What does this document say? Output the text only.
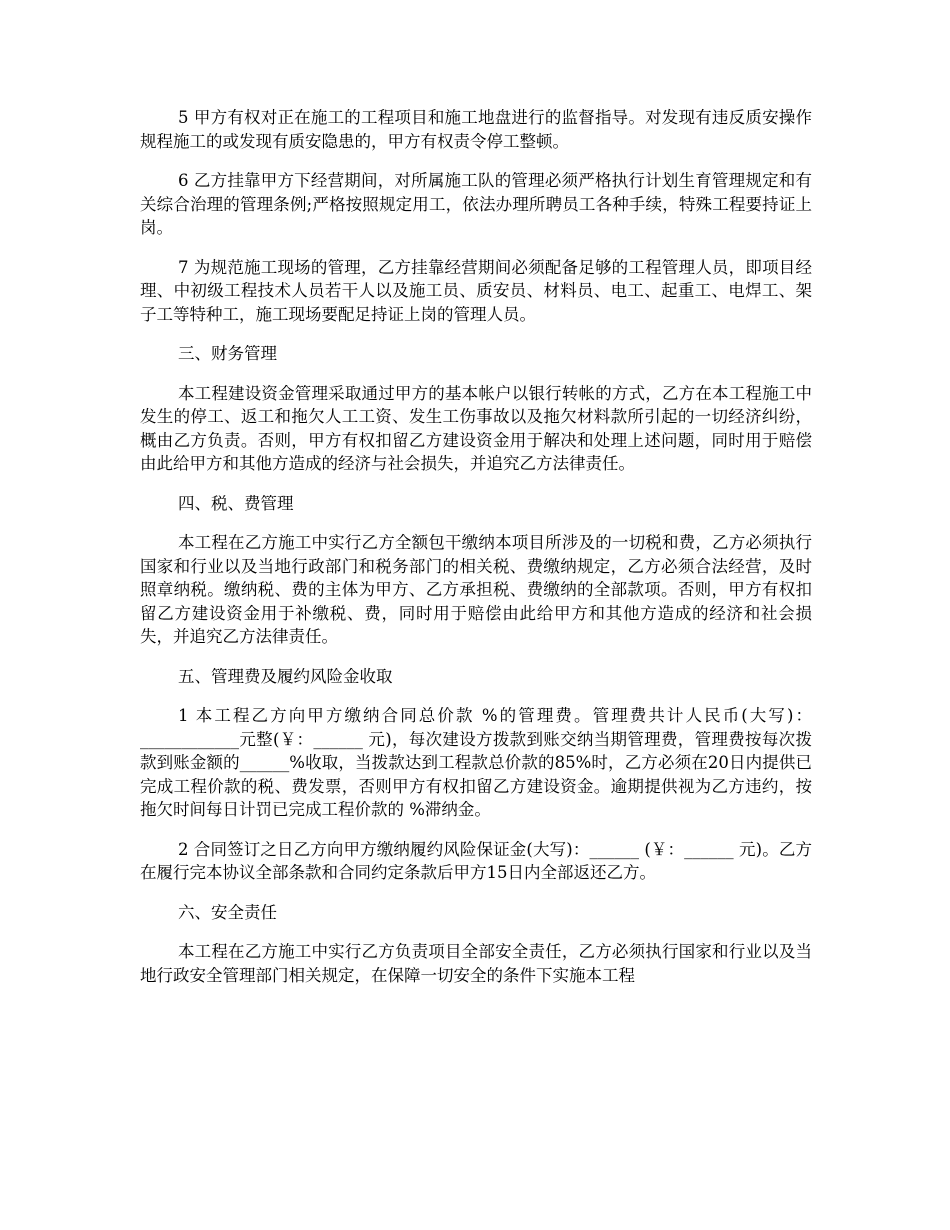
5 甲方有权对正在施工的工程项目和施工地盘进行的监督指导。对发现有违反质安操作规程施工的或发现有质安隐患的，甲方有权责令停工整顿。

6 乙方挂靠甲方下经营期间，对所属施工队的管理必须严格执行计划生育管理规定和有关综合治理的管理条例;严格按照规定用工，依法办理所聘员工各种手续，特殊工程要持证上岗。

7 为规范施工现场的管理，乙方挂靠经营期间必须配备足够的工程管理人员，即项目经理、中初级工程技术人员若干人以及施工员、质安员、材料员、电工、起重工、电焊工、架子工等特种工，施工现场要配足持证上岗的管理人员。

三、财务管理

本工程建设资金管理采取通过甲方的基本帐户以银行转帐的方式，乙方在本工程施工中发生的停工、返工和拖欠人工工资、发生工伤事故以及拖欠材料款所引起的一切经济纠纷，概由乙方负责。否则，甲方有权扣留乙方建设资金用于解决和处理上述问题，同时用于赔偿由此给甲方和其他方造成的经济与社会损失，并追究乙方法律责任。

四、税、费管理

本工程在乙方施工中实行乙方全额包干缴纳本项目所涉及的一切税和费，乙方必须执行国家和行业以及当地行政部门和税务部门的相关税、费缴纳规定，乙方必须合法经营，及时照章纳税。缴纳税、费的主体为甲方、乙方承担税、费缴纳的全部款项。否则，甲方有权扣留乙方建设资金用于补缴税、费，同时用于赔偿由此给甲方和其他方造成的经济和社会损失，并追究乙方法律责任。

五、管理费及履约风险金收取

1 本工程乙方向甲方缴纳合同总价款 %的管理费。管理费共计人民币(大写)：____________元整(￥：______ 元)，每次建设方拨款到账交纳当期管理费，管理费按每次拨款到账金额的______%收取，当拨款达到工程款总价款的85%时，乙方必须在20日内提供已完成工程价款的税、费发票，否则甲方有权扣留乙方建设资金。逾期提供视为乙方违约，按拖欠时间每日计罚已完成工程价款的 %滞纳金。

2 合同签订之日乙方向甲方缴纳履约风险保证金(大写)：______ (￥：______ 元)。乙方在履行完本协议全部条款和合同约定条款后甲方15日内全部返还乙方。

六、安全责任

本工程在乙方施工中实行乙方负责项目全部安全责任，乙方必须执行国家和行业以及当地行政安全管理部门相关规定，在保障一切安全的条件下实施本工程
